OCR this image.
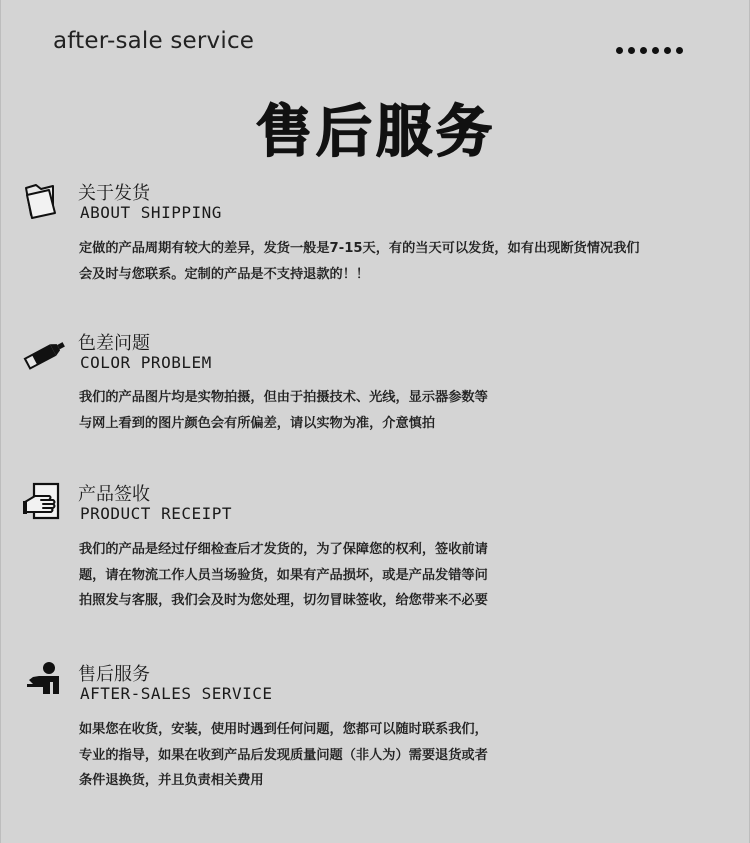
after-sale service
售后服务
关于发货
ABOUT SHIPPING
定做的产品周期有较大的差异，发货一般是7-15天，有的当天可以发货，如有出现断货情况我们
会及时与您联系。定制的产品是不支持退款的！！
色差问题
COLOR PROBLEM
我们的产品图片均是实物拍摄，但由于拍摄技术、光线，显示器参数等
与网上看到的图片颜色会有所偏差，请以实物为准，介意慎拍
产品签收
PRODUCT RECEIPT
我们的产品是经过仔细检查后才发货的，为了保障您的权利，签收前请
题，请在物流工作人员当场验货，如果有产品损坏，或是产品发错等问
拍照发与客服，我们会及时为您处理，切勿冒昧签收，给您带来不必要
售后服务
AFTER-SALES SERVICE
如果您在收货，安装，使用时遇到任何问题，您都可以随时联系我们，
专业的指导，如果在收到产品后发现质量问题（非人为）需要退货或者
条件退换货，并且负责相关费用
